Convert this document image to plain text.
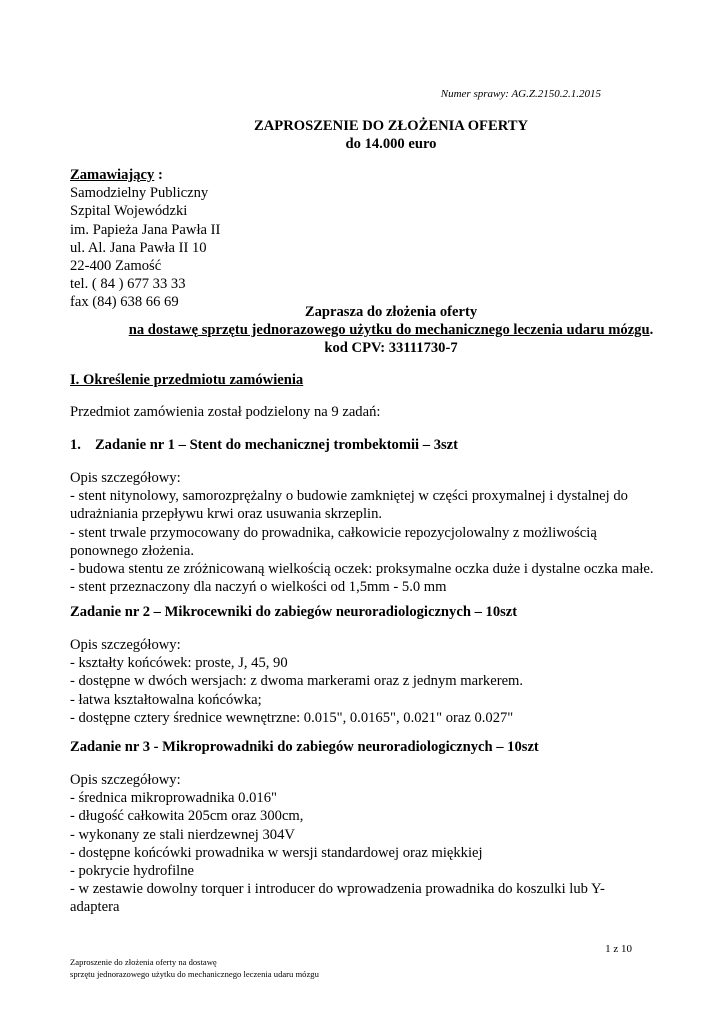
Numer sprawy: AG.Z.2150.2.1.2015
ZAPROSZENIE DO ZŁOŻENIA OFERTY
do 14.000 euro
Zamawiający :
Samodzielny Publiczny
Szpital Wojewódzki
im. Papieża Jana Pawła II
ul. Al. Jana Pawła II 10
22-400 Zamość
tel. ( 84 ) 677 33 33
fax (84) 638 66 69
Zaprasza do złożenia oferty
na dostawę sprzętu jednorazowego użytku do mechanicznego leczenia udaru mózgu.
kod CPV: 33111730-7
I. Określenie przedmiotu zamówienia
Przedmiot zamówienia został podzielony na 9 zadań:
1. Zadanie nr 1 – Stent do mechanicznej trombektomii – 3szt
Opis szczegółowy:
- stent nitynolowy, samorozprężalny o budowie zamkniętej w części proxymalnej i dystalnej do
udrażniania przepływu krwi oraz usuwania skrzeplin.
- stent trwale przymocowany do prowadnika, całkowicie repozycjolowalny z możliwością
ponownego złożenia.
- budowa stentu ze zróżnicowaną wielkością oczek: proksymalne oczka duże i dystalne oczka małe.
- stent przeznaczony dla naczyń o wielkości od 1,5mm - 5.0 mm
Zadanie nr 2 – Mikrocewniki do zabiegów neuroradiologicznych – 10szt
Opis szczegółowy:
- kształty końcówek: proste, J, 45, 90
- dostępne w dwóch wersjach: z dwoma markerami oraz z jednym markerem.
- łatwa kształtowalna końcówka;
- dostępne cztery średnice wewnętrzne: 0.015", 0.0165", 0.021" oraz 0.027"
Zadanie nr 3 - Mikroprowadniki do zabiegów neuroradiologicznych – 10szt
Opis szczegółowy:
- średnica mikroprowadnika 0.016"
- długość całkowita 205cm oraz 300cm,
- wykonany ze stali nierdzewnej 304V
- dostępne końcówki prowadnika w wersji standardowej oraz miękkiej
- pokrycie hydrofilne
- w zestawie dowolny torquer i introducer do wprowadzenia prowadnika do koszulki lub Y-
adaptera
1 z 10
Zaproszenie do złożenia oferty na dostawę
sprzętu jednorazowego użytku do mechanicznego leczenia udaru mózgu
